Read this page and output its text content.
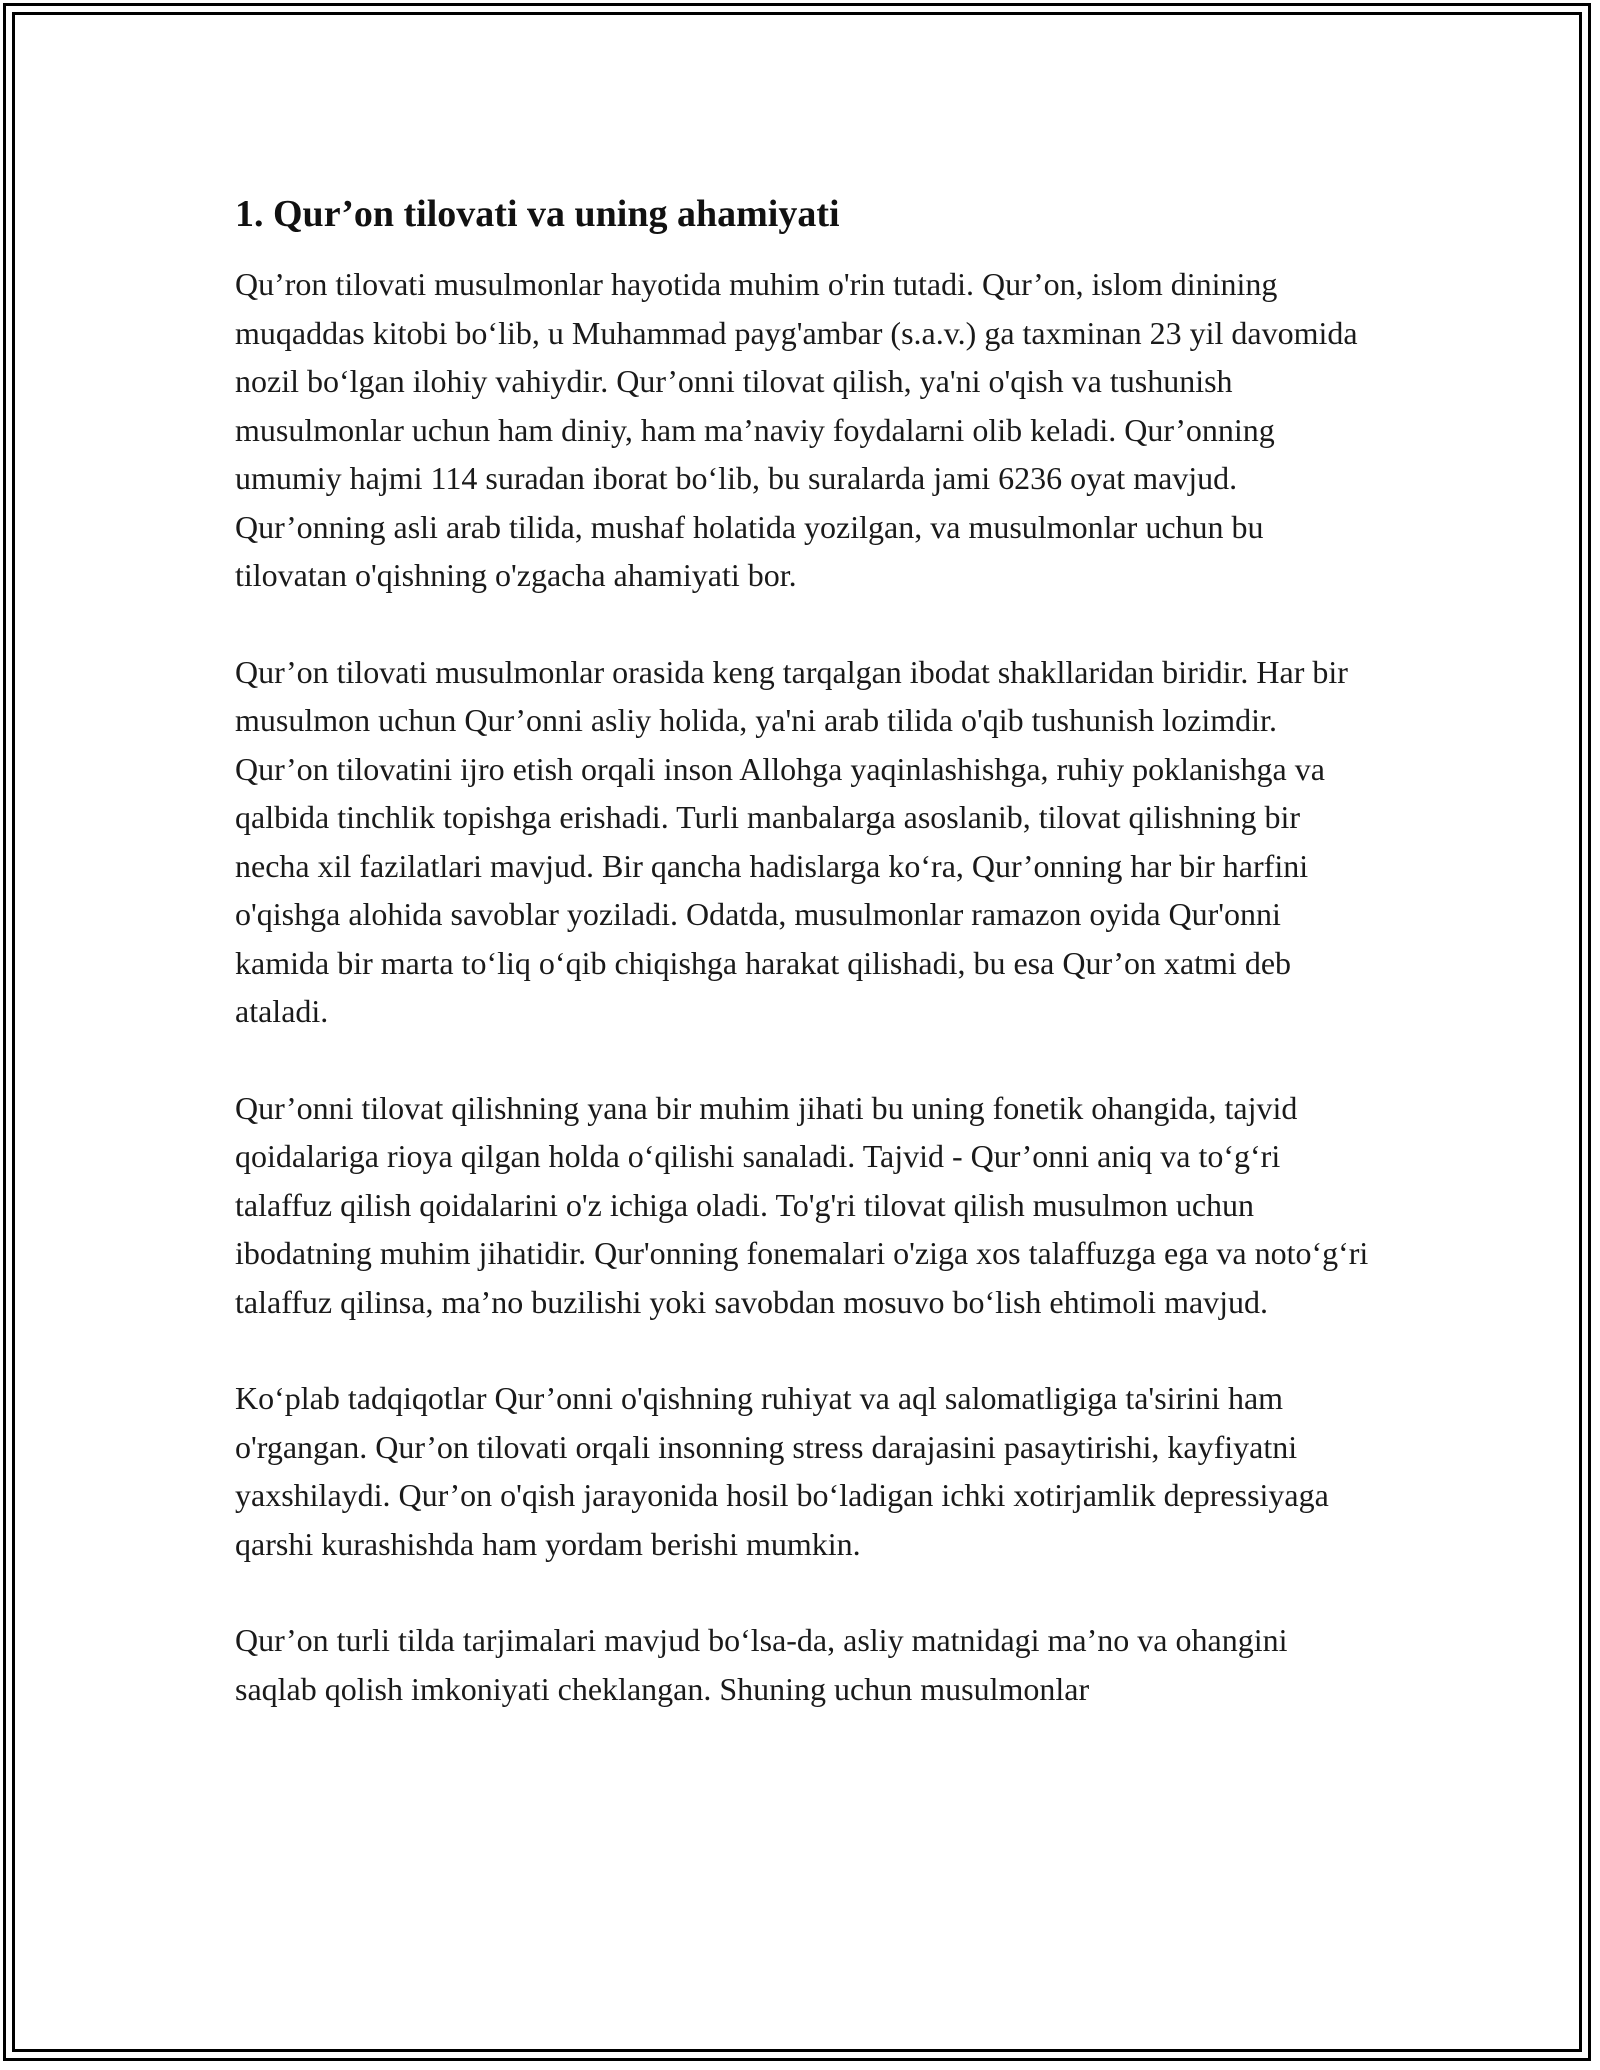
1. Qur’on tilovati va uning ahamiyati

Qu’ron tilovati musulmonlar hayotida muhim o'rin tutadi. Qur’on, islom dinining muqaddas kitobi bo‘lib, u Muhammad payg'ambar (s.a.v.) ga taxminan 23 yil davomida nozil bo‘lgan ilohiy vahiydir. Qur’onni tilovat qilish, ya'ni o'qish va tushunish musulmonlar uchun ham diniy, ham ma’naviy foydalarni olib keladi. Qur’onning umumiy hajmi 114 suradan iborat bo‘lib, bu suralarda jami 6236 oyat mavjud. Qur’onning asli arab tilida, mushaf holatida yozilgan, va musulmonlar uchun bu tilovatan o'qishning o'zgacha ahamiyati bor.

Qur’on tilovati musulmonlar orasida keng tarqalgan ibodat shakllaridan biridir. Har bir musulmon uchun Qur’onni asliy holida, ya'ni arab tilida o'qib tushunish lozimdir. Qur’on tilovatini ijro etish orqali inson Allohga yaqinlashishga, ruhiy poklanishga va qalbida tinchlik topishga erishadi. Turli manbalarga asoslanib, tilovat qilishning bir necha xil fazilatlari mavjud. Bir qancha hadislarga ko‘ra, Qur’onning har bir harfini o'qishga alohida savoblar yoziladi. Odatda, musulmonlar ramazon oyida Qur'onni kamida bir marta to‘liq o‘qib chiqishga harakat qilishadi, bu esa Qur’on xatmi deb ataladi.

Qur’onni tilovat qilishning yana bir muhim jihati bu uning fonetik ohangida, tajvid qoidalariga rioya qilgan holda o‘qilishi sanaladi. Tajvid - Qur’onni aniq va to‘g‘ri talaffuz qilish qoidalarini o'z ichiga oladi. To'g'ri tilovat qilish musulmon uchun ibodatning muhim jihatidir. Qur'onning fonemalari o'ziga xos talaffuzga ega va noto‘g‘ri talaffuz qilinsa, ma’no buzilishi yoki savobdan mosuvo bo‘lish ehtimoli mavjud.

Ko‘plab tadqiqotlar Qur’onni o'qishning ruhiyat va aql salomatligiga ta'sirini ham o'rgangan. Qur’on tilovati orqali insonning stress darajasini pasaytirishi, kayfiyatni yaxshilaydi. Qur’on o'qish jarayonida hosil bo‘ladigan ichki xotirjamlik depressiyaga qarshi kurashishda ham yordam berishi mumkin.

Qur’on turli tilda tarjimalari mavjud bo‘lsa-da, asliy matnidagi ma’no va ohangini saqlab qolish imkoniyati cheklangan. Shuning uchun musulmonlar
